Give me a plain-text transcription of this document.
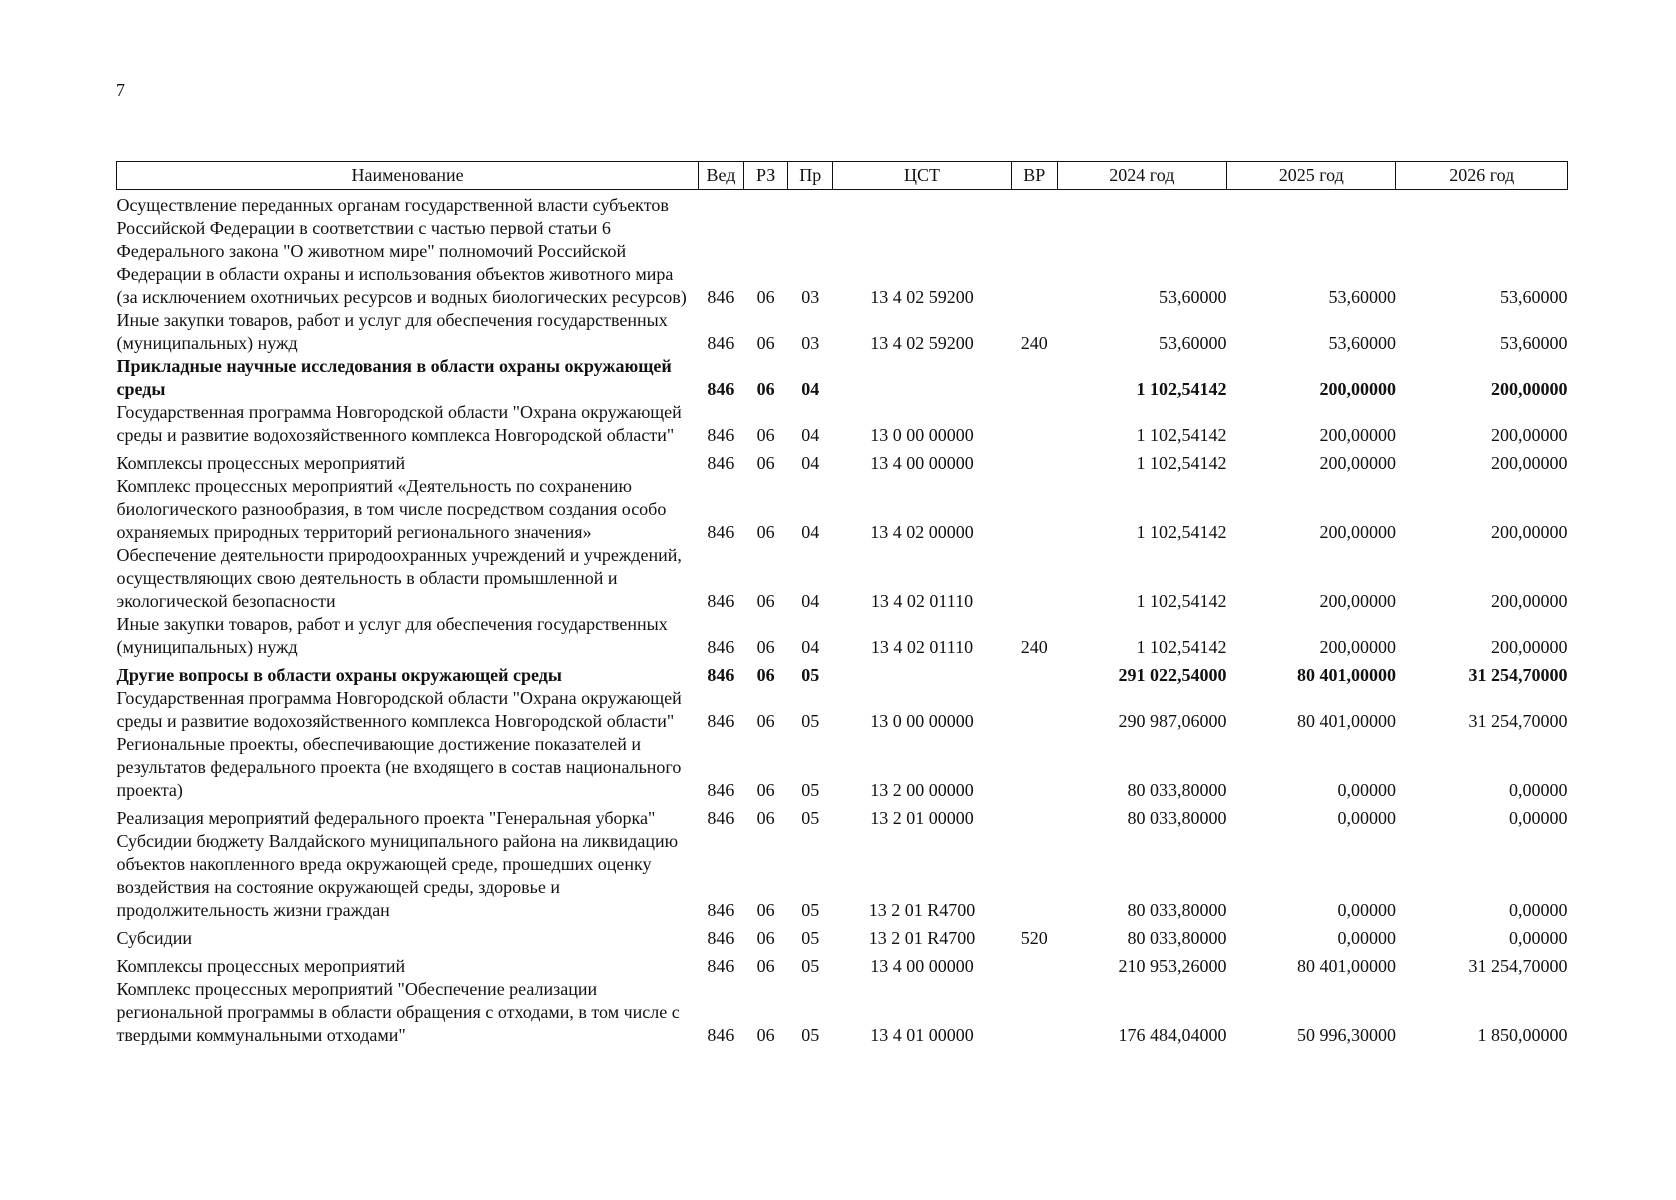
7
Наименование	Вед	РЗ	Пр	ЦСТ	ВР	2024 год	2025 год	2026 год
Осуществление переданных органам государственной власти субъектов Российской Федерации в соответствии с частью первой статьи 6 Федерального закона "О животном мире" полномочий Российской Федерации в области охраны и использования объектов животного мира (за исключением охотничьих ресурсов и водных биологических ресурсов)	846	06	03	13 4 02 59200		53,60000	53,60000	53,60000
Иные закупки товаров, работ и услуг для обеспечения государственных (муниципальных) нужд	846	06	03	13 4 02 59200	240	53,60000	53,60000	53,60000
Прикладные научные исследования в области охраны окружающей среды	846	06	04			1 102,54142	200,00000	200,00000
Государственная программа Новгородской области "Охрана окружающей среды и развитие водохозяйственного комплекса Новгородской области"	846	06	04	13 0 00 00000		1 102,54142	200,00000	200,00000
Комплексы процессных мероприятий	846	06	04	13 4 00 00000		1 102,54142	200,00000	200,00000
Комплекс процессных мероприятий «Деятельность по сохранению биологического разнообразия, в том числе посредством создания особо охраняемых природных территорий регионального значения»	846	06	04	13 4 02 00000		1 102,54142	200,00000	200,00000
Обеспечение деятельности природоохранных учреждений и учреждений, осуществляющих свою деятельность в области промышленной и экологической безопасности	846	06	04	13 4 02 01110		1 102,54142	200,00000	200,00000
Иные закупки товаров, работ и услуг для обеспечения государственных (муниципальных) нужд	846	06	04	13 4 02 01110	240	1 102,54142	200,00000	200,00000
Другие вопросы в области охраны окружающей среды	846	06	05			291 022,54000	80 401,00000	31 254,70000
Государственная программа Новгородской области "Охрана окружающей среды и развитие водохозяйственного комплекса Новгородской области"	846	06	05	13 0 00 00000		290 987,06000	80 401,00000	31 254,70000
Региональные проекты, обеспечивающие достижение показателей и результатов федерального проекта (не входящего в состав национального проекта)	846	06	05	13 2 00 00000		80 033,80000	0,00000	0,00000
Реализация мероприятий федерального проекта "Генеральная уборка"	846	06	05	13 2 01 00000		80 033,80000	0,00000	0,00000
Субсидии бюджету Валдайского муниципального района на ликвидацию объектов накопленного вреда окружающей среде, прошедших оценку воздействия на состояние окружающей среды, здоровье и продолжительность жизни граждан	846	06	05	13 2 01 R4700		80 033,80000	0,00000	0,00000
Субсидии	846	06	05	13 2 01 R4700	520	80 033,80000	0,00000	0,00000
Комплексы процессных мероприятий	846	06	05	13 4 00 00000		210 953,26000	80 401,00000	31 254,70000
Комплекс процессных мероприятий "Обеспечение реализации региональной программы в области обращения с отходами, в том числе с твердыми коммунальными отходами"	846	06	05	13 4 01 00000		176 484,04000	50 996,30000	1 850,00000
